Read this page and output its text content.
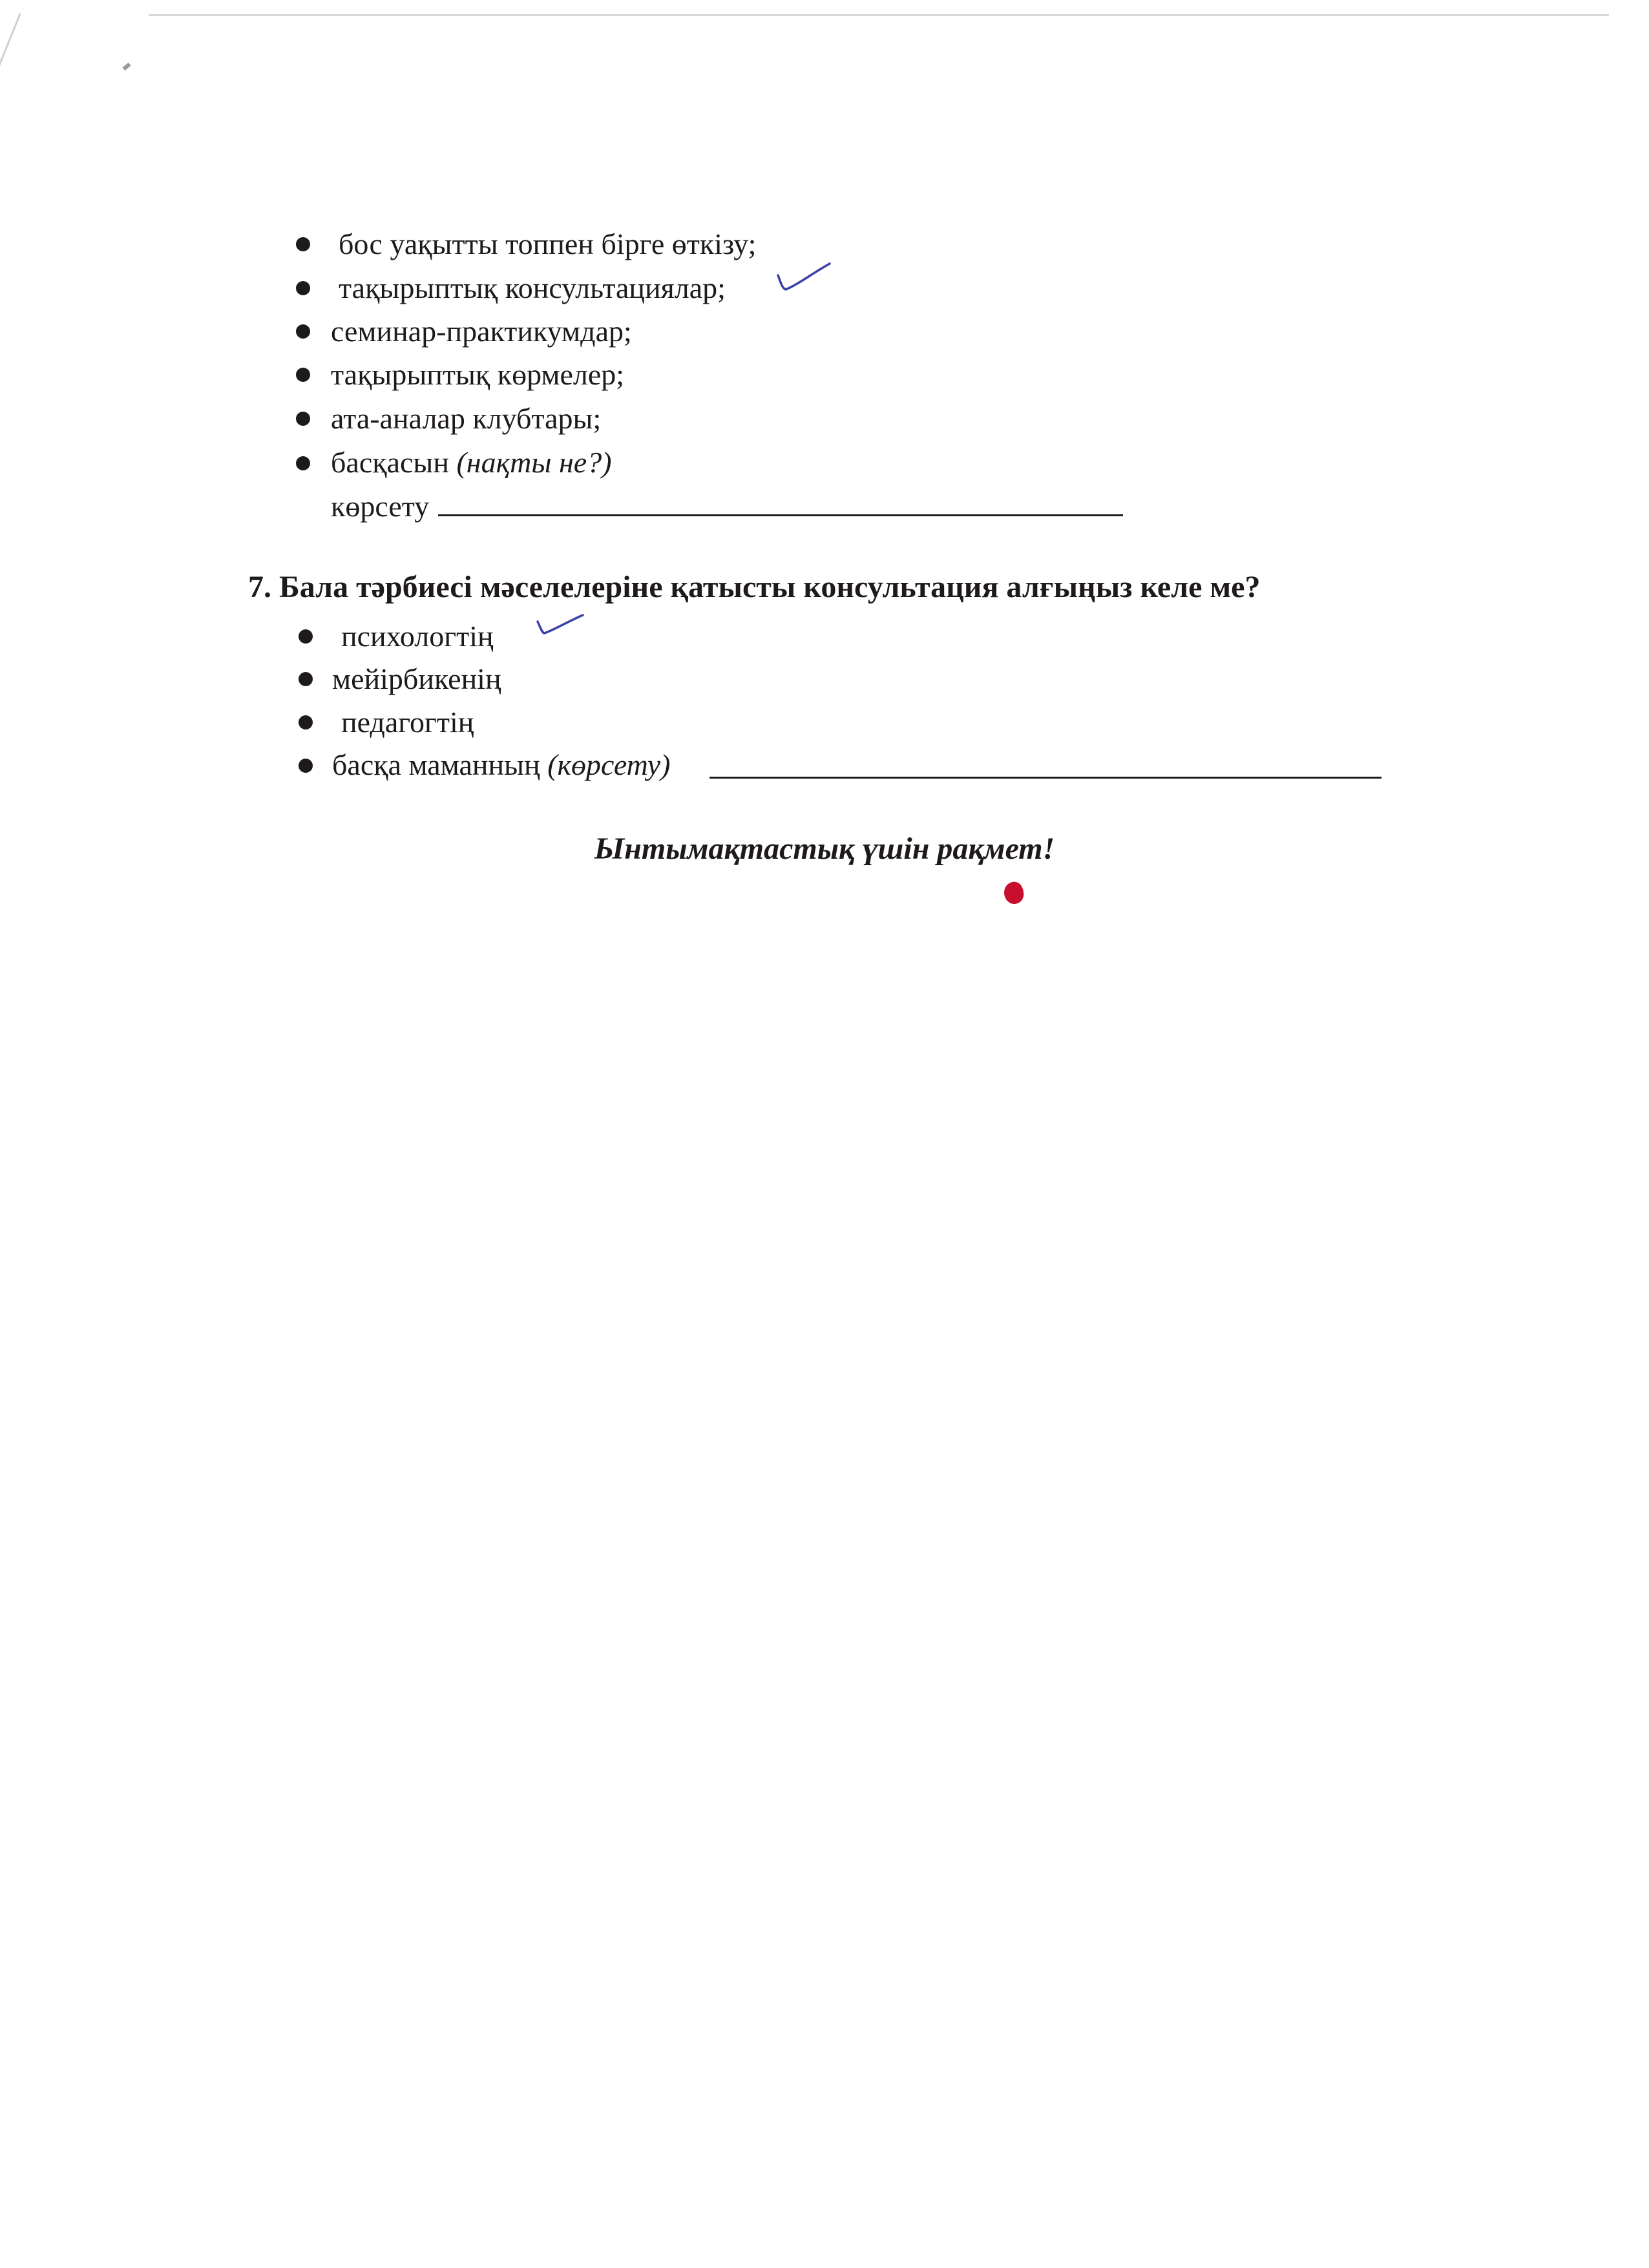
бос уақытты топпен бірге өткізу;
тақырыптық консультациялар;
семинар-практикумдар;
тақырыптық көрмелер;
ата-аналар клубтары;
басқасын (нақты не?)
көрсету
7. Бала тәрбиесі мәселелеріне қатысты консультация алғыңыз келе ме?
психологтің
мейірбикенің
педагогтің
басқа маманның (көрсету)
Ынтымақтастық үшін рақмет!
